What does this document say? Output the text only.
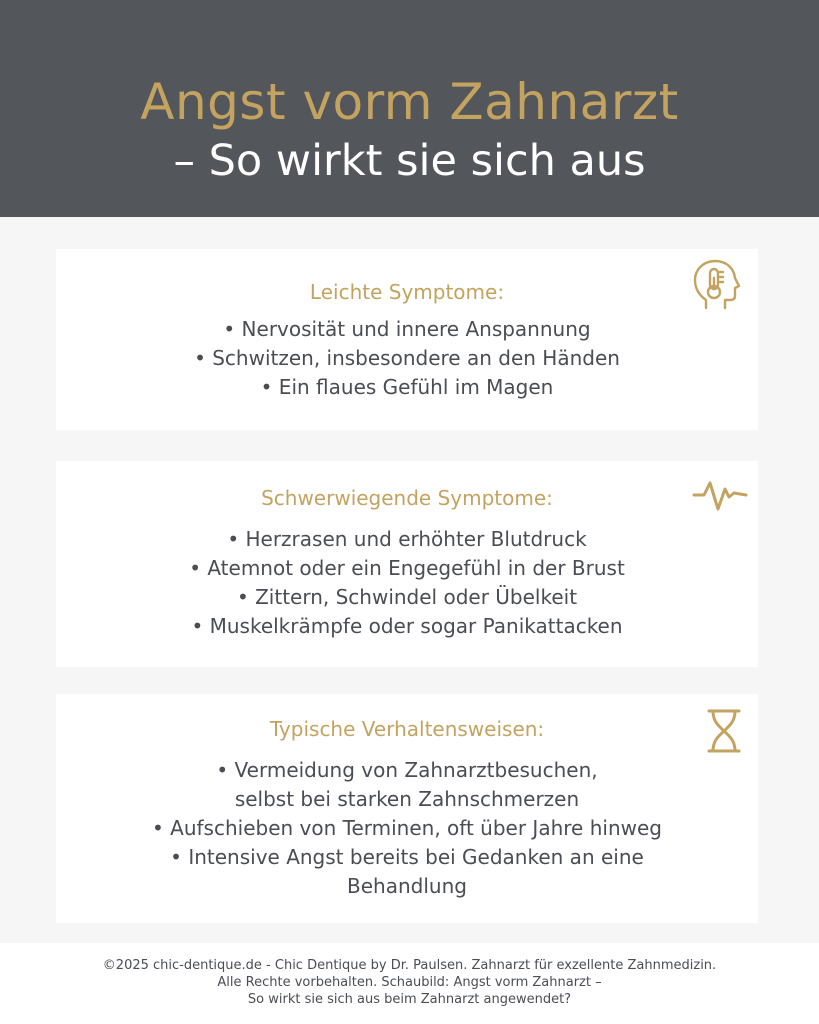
Angst vorm Zahnarzt
– So wirkt sie sich aus
Leichte Symptome:
• Nervosität und innere Anspannung
• Schwitzen, insbesondere an den Händen
• Ein flaues Gefühl im Magen
Schwerwiegende Symptome:
• Herzrasen und erhöhter Blutdruck
• Atemnot oder ein Engegefühl in der Brust
• Zittern, Schwindel oder Übelkeit
• Muskelkrämpfe oder sogar Panikattacken
Typische Verhaltensweisen:
• Vermeidung von Zahnarztbesuchen,
selbst bei starken Zahnschmerzen
• Aufschieben von Terminen, oft über Jahre hinweg
• Intensive Angst bereits bei Gedanken an eine
Behandlung
©2025 chic-dentique.de - Chic Dentique by Dr. Paulsen. Zahnarzt für exzellente Zahnmedizin.
Alle Rechte vorbehalten. Schaubild: Angst vorm Zahnarzt –
So wirkt sie sich aus beim Zahnarzt angewendet?
